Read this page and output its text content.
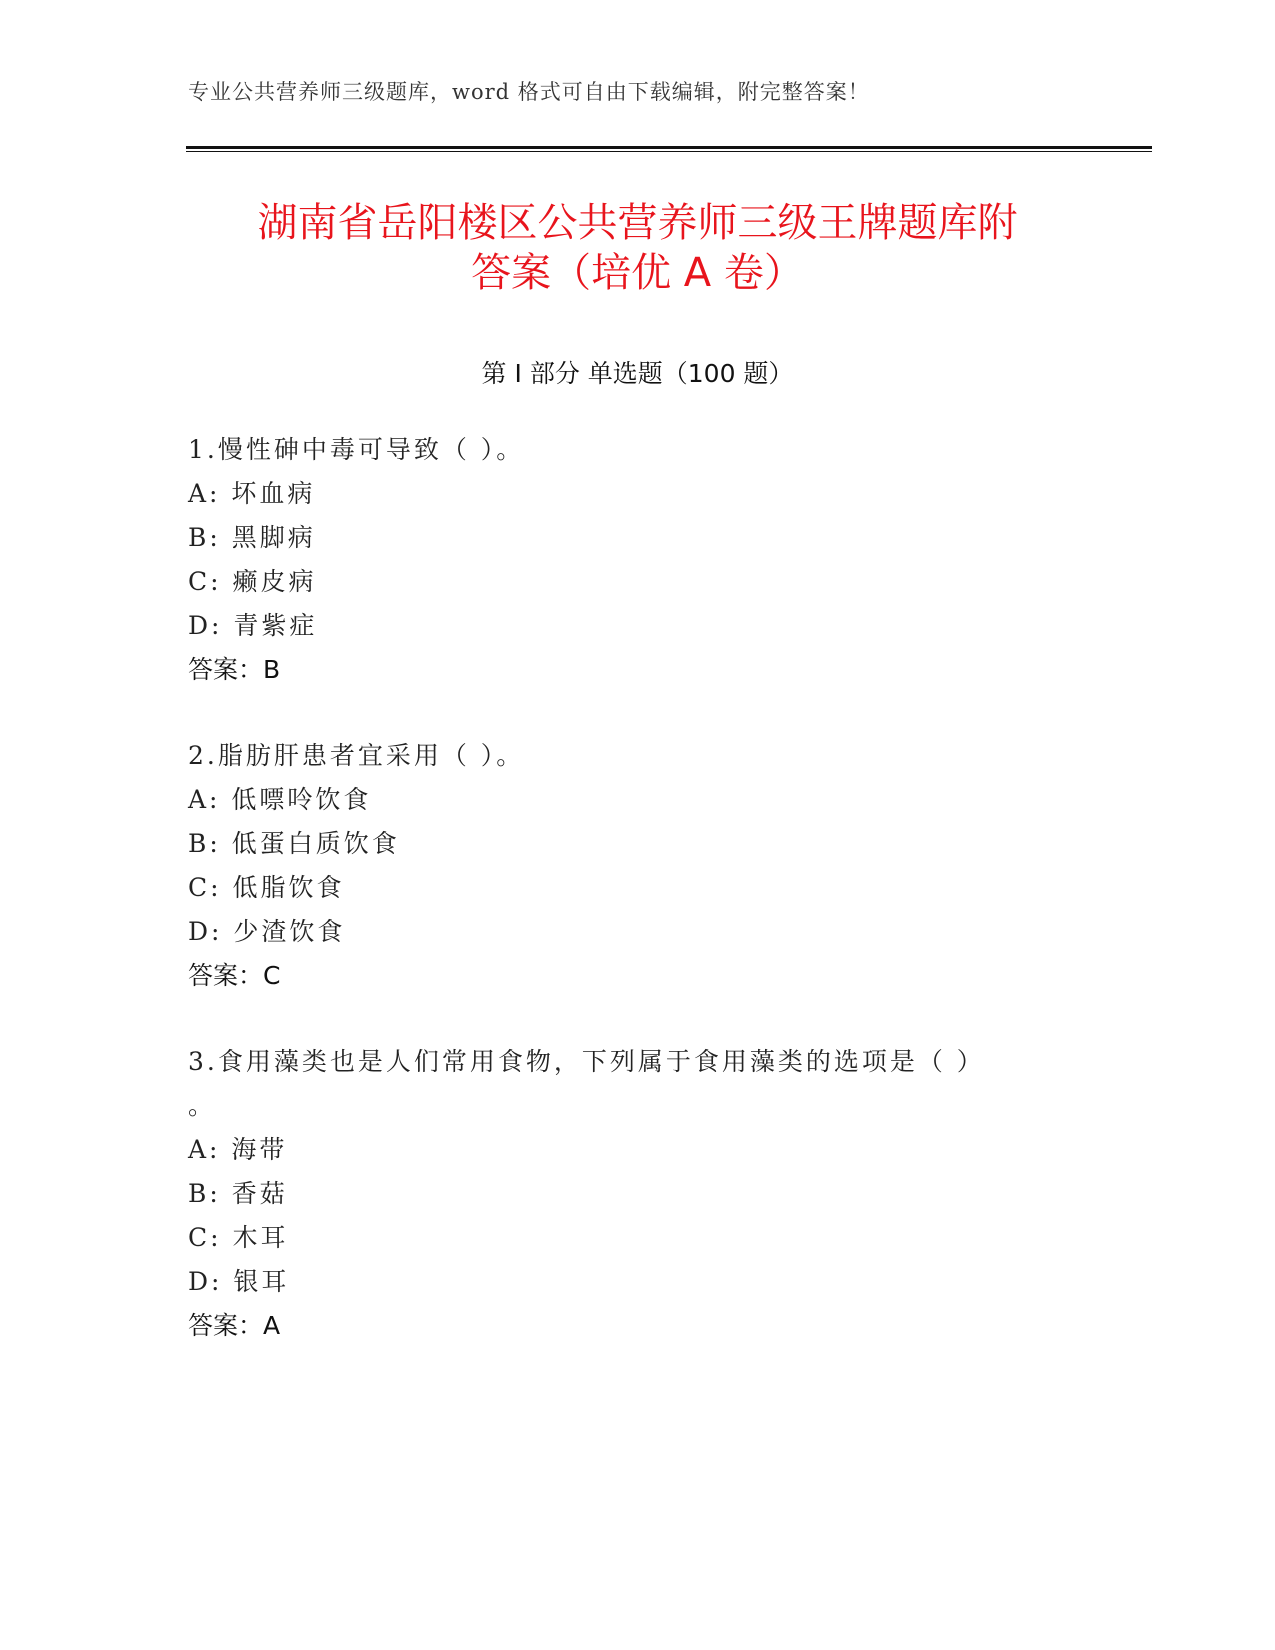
专业公共营养师三级题库，word 格式可自由下载编辑，附完整答案！
湖南省岳阳楼区公共营养师三级王牌题库附
答案（培优 A 卷）
第 I 部分 单选题（100 题）
1.慢性砷中毒可导致（ ）。
A: 坏血病
B: 黑脚病
C: 癞皮病
D: 青紫症
答案：B
2.脂肪肝患者宜采用（ ）。
A: 低嘌呤饮食
B: 低蛋白质饮食
C: 低脂饮食
D: 少渣饮食
答案：C
3.食用藻类也是人们常用食物，下列属于食用藻类的选项是（ ）
。
A: 海带
B: 香菇
C: 木耳
D: 银耳
答案：A
